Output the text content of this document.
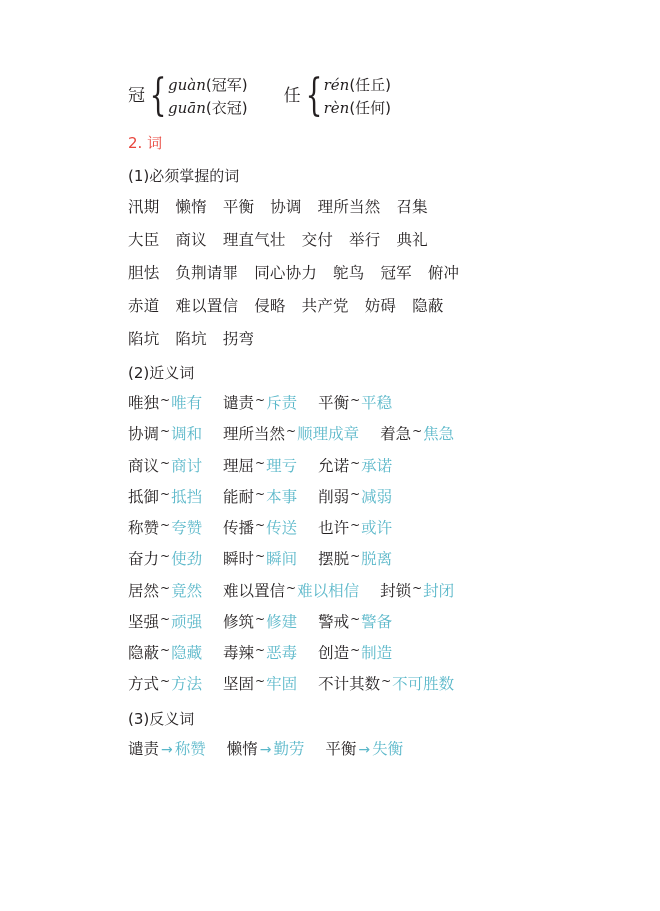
冠 { guàn(冠军)
guān(衣冠)
任 { rén(任丘)
rèn(任何)
2. 词
(1)必须掌握的词
汛期 懒惰 平衡 协调 理所当然 召集
大臣 商议 理直气壮 交付 举行 典礼
胆怯 负荆请罪 同心协力 鸵鸟 冠军 俯冲
赤道 难以置信 侵略 共产党 妨碍 隐蔽
陷坑 陷坑 拐弯
(2)近义词
唯独~唯有 谴责~斥责 平衡~平稳
协调~调和 理所当然~顺理成章 着急~焦急
商议~商讨 理屈~理亏 允诺~承诺
抵御~抵挡 能耐~本事 削弱~减弱
称赞~夸赞 传播~传送 也许~或许
奋力~使劲 瞬时~瞬间 摆脱~脱离
居然~竟然 难以置信~难以相信 封锁~封闭
坚强~顽强 修筑~修建 警戒~警备
隐蔽~隐藏 毒辣~恶毒 创造~制造
方式~方法 坚固~牢固 不计其数~不可胜数
(3)反义词
谴责 → 称赞 懒惰 → 勤劳 平衡 → 失衡
